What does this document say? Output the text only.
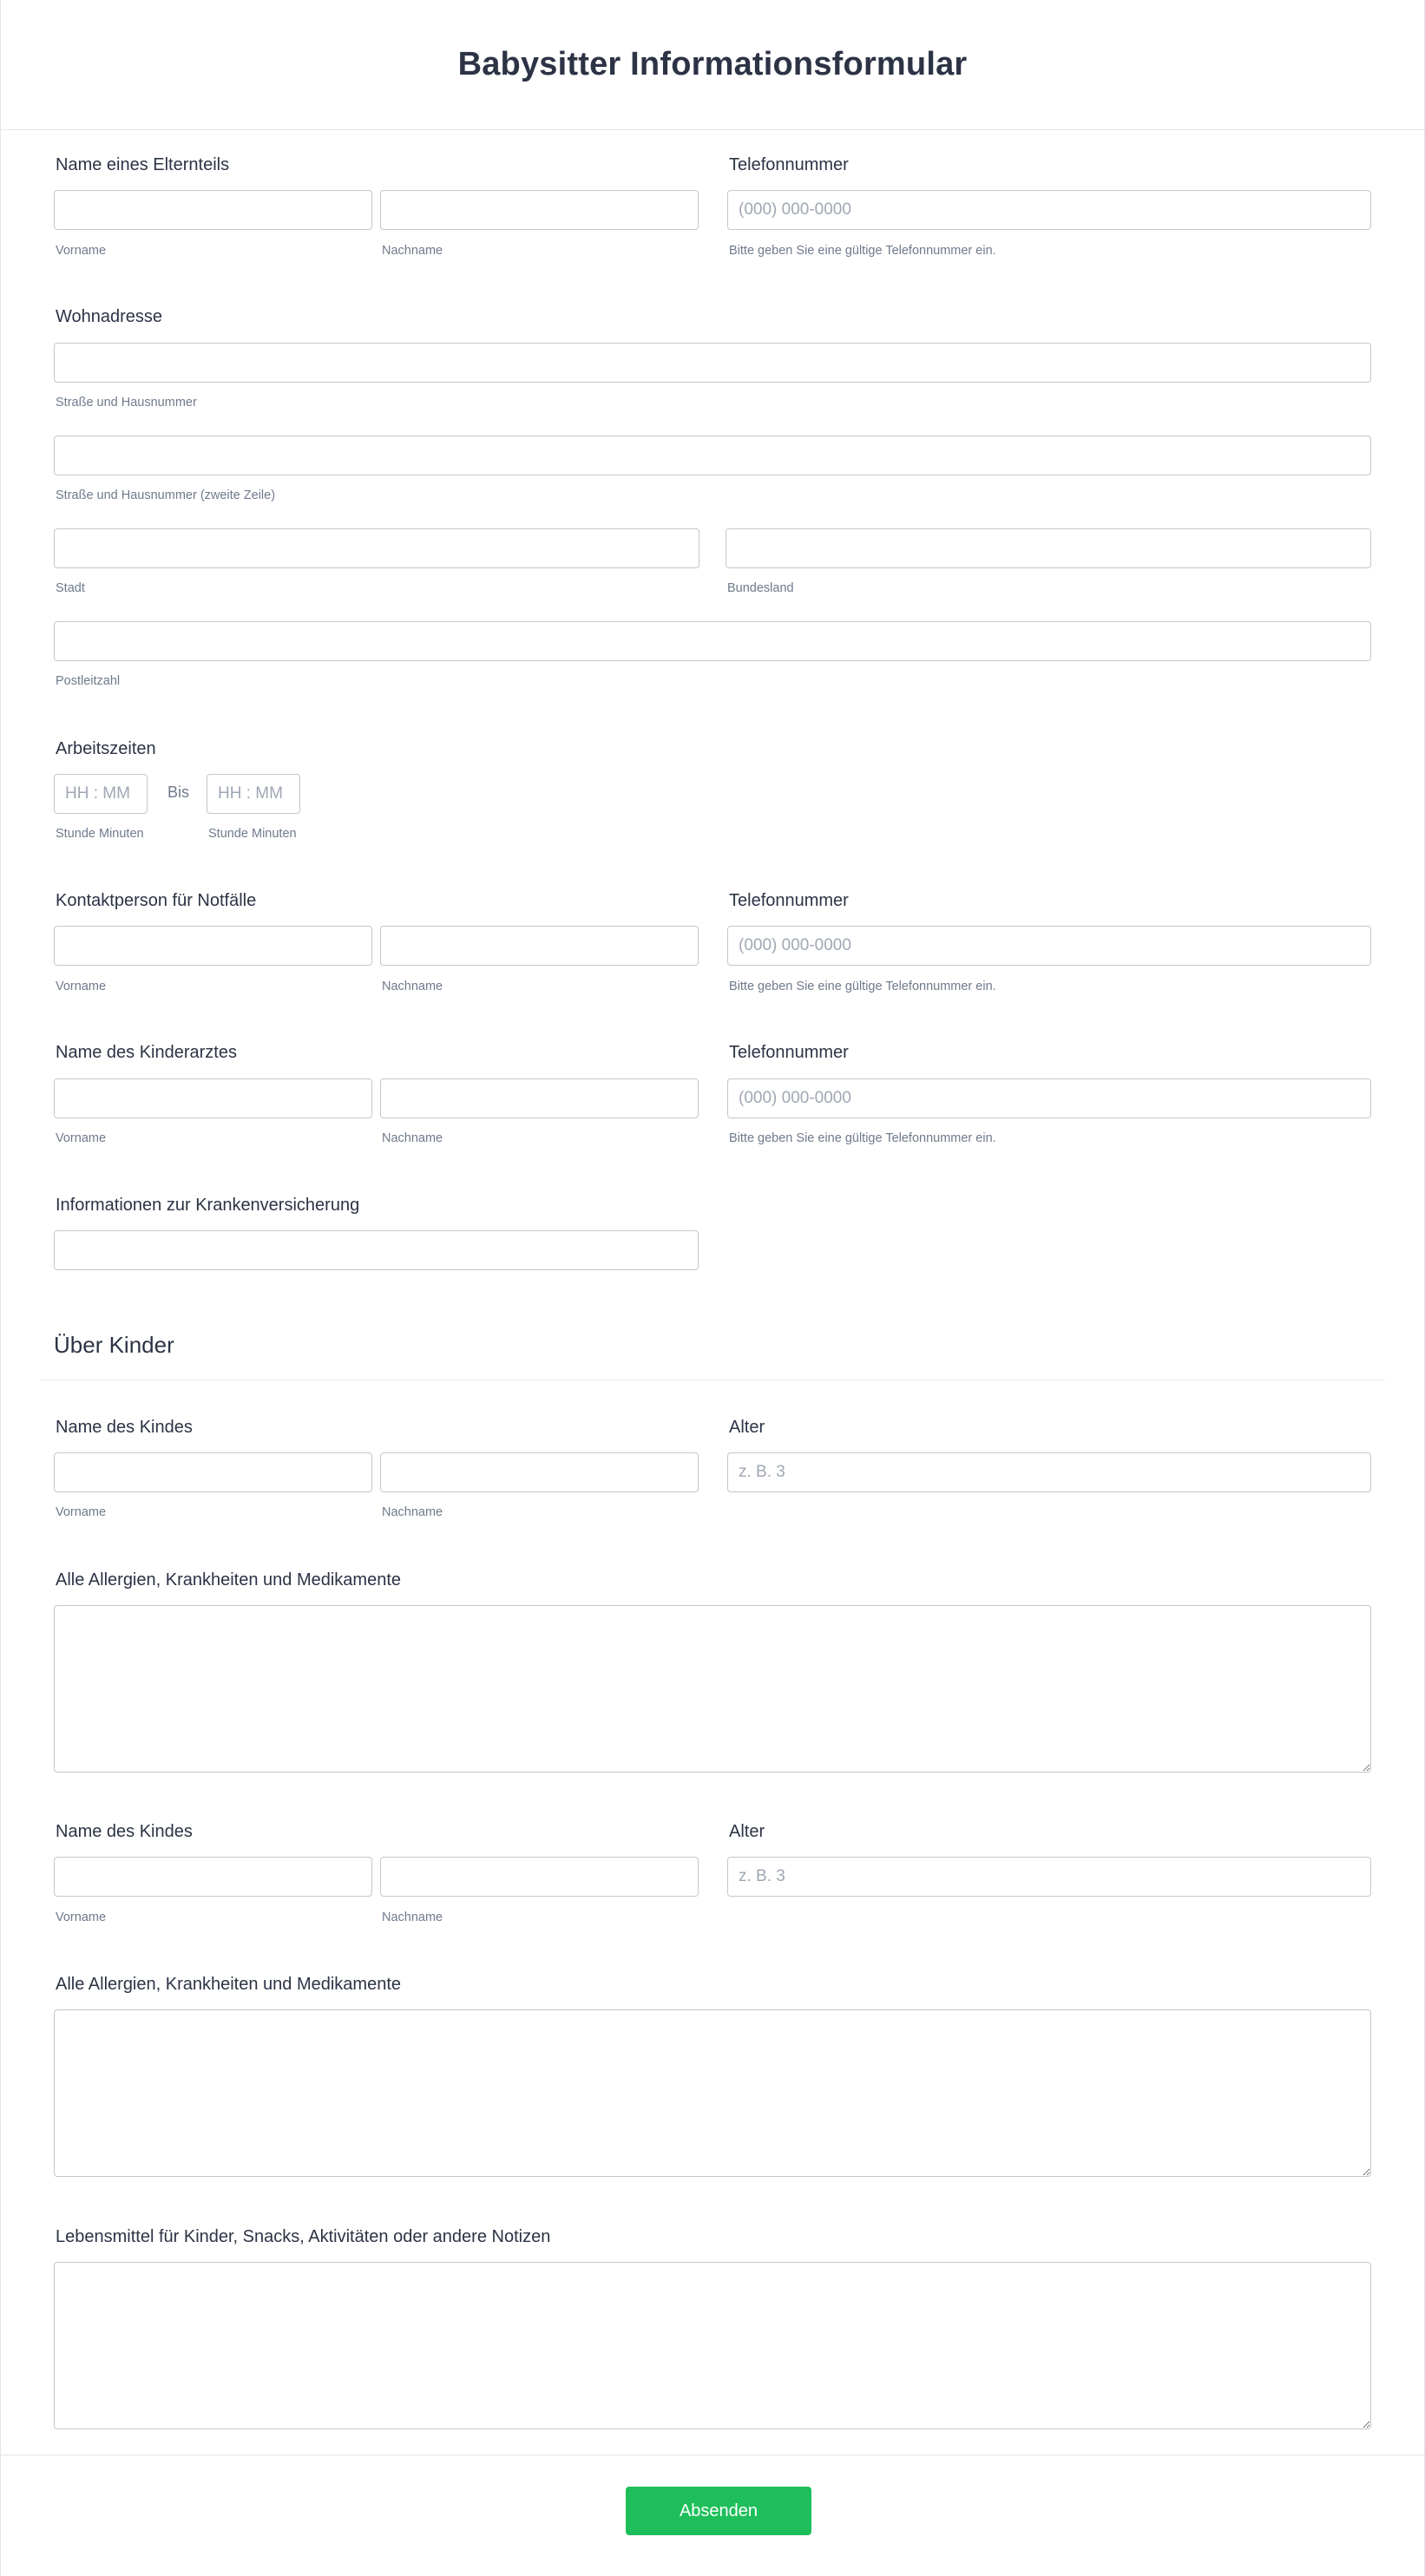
Babysitter Informationsformular
Name eines Elternteils
Vorname	Nachname
Telefonnummer
(000) 000-0000
Bitte geben Sie eine gültige Telefonnummer ein.
Wohnadresse
Straße und Hausnummer
Straße und Hausnummer (zweite Zeile)
Stadt	Bundesland
Postleitzahl
Arbeitszeiten
HH : MM
Bis
HH : MM
Stunde Minuten	Stunde Minuten
Kontaktperson für Notfälle
Vorname	Nachname
Telefonnummer
(000) 000-0000
Bitte geben Sie eine gültige Telefonnummer ein.
Name des Kinderarztes
Vorname	Nachname
Telefonnummer
(000) 000-0000
Bitte geben Sie eine gültige Telefonnummer ein.
Informationen zur Krankenversicherung
Über Kinder
Name des Kindes
Vorname	Nachname
Alter
z. B. 3
Alle Allergien, Krankheiten und Medikamente
Name des Kindes
Vorname	Nachname
Alter
z. B. 3
Alle Allergien, Krankheiten und Medikamente
Lebensmittel für Kinder, Snacks, Aktivitäten oder andere Notizen
Absenden
